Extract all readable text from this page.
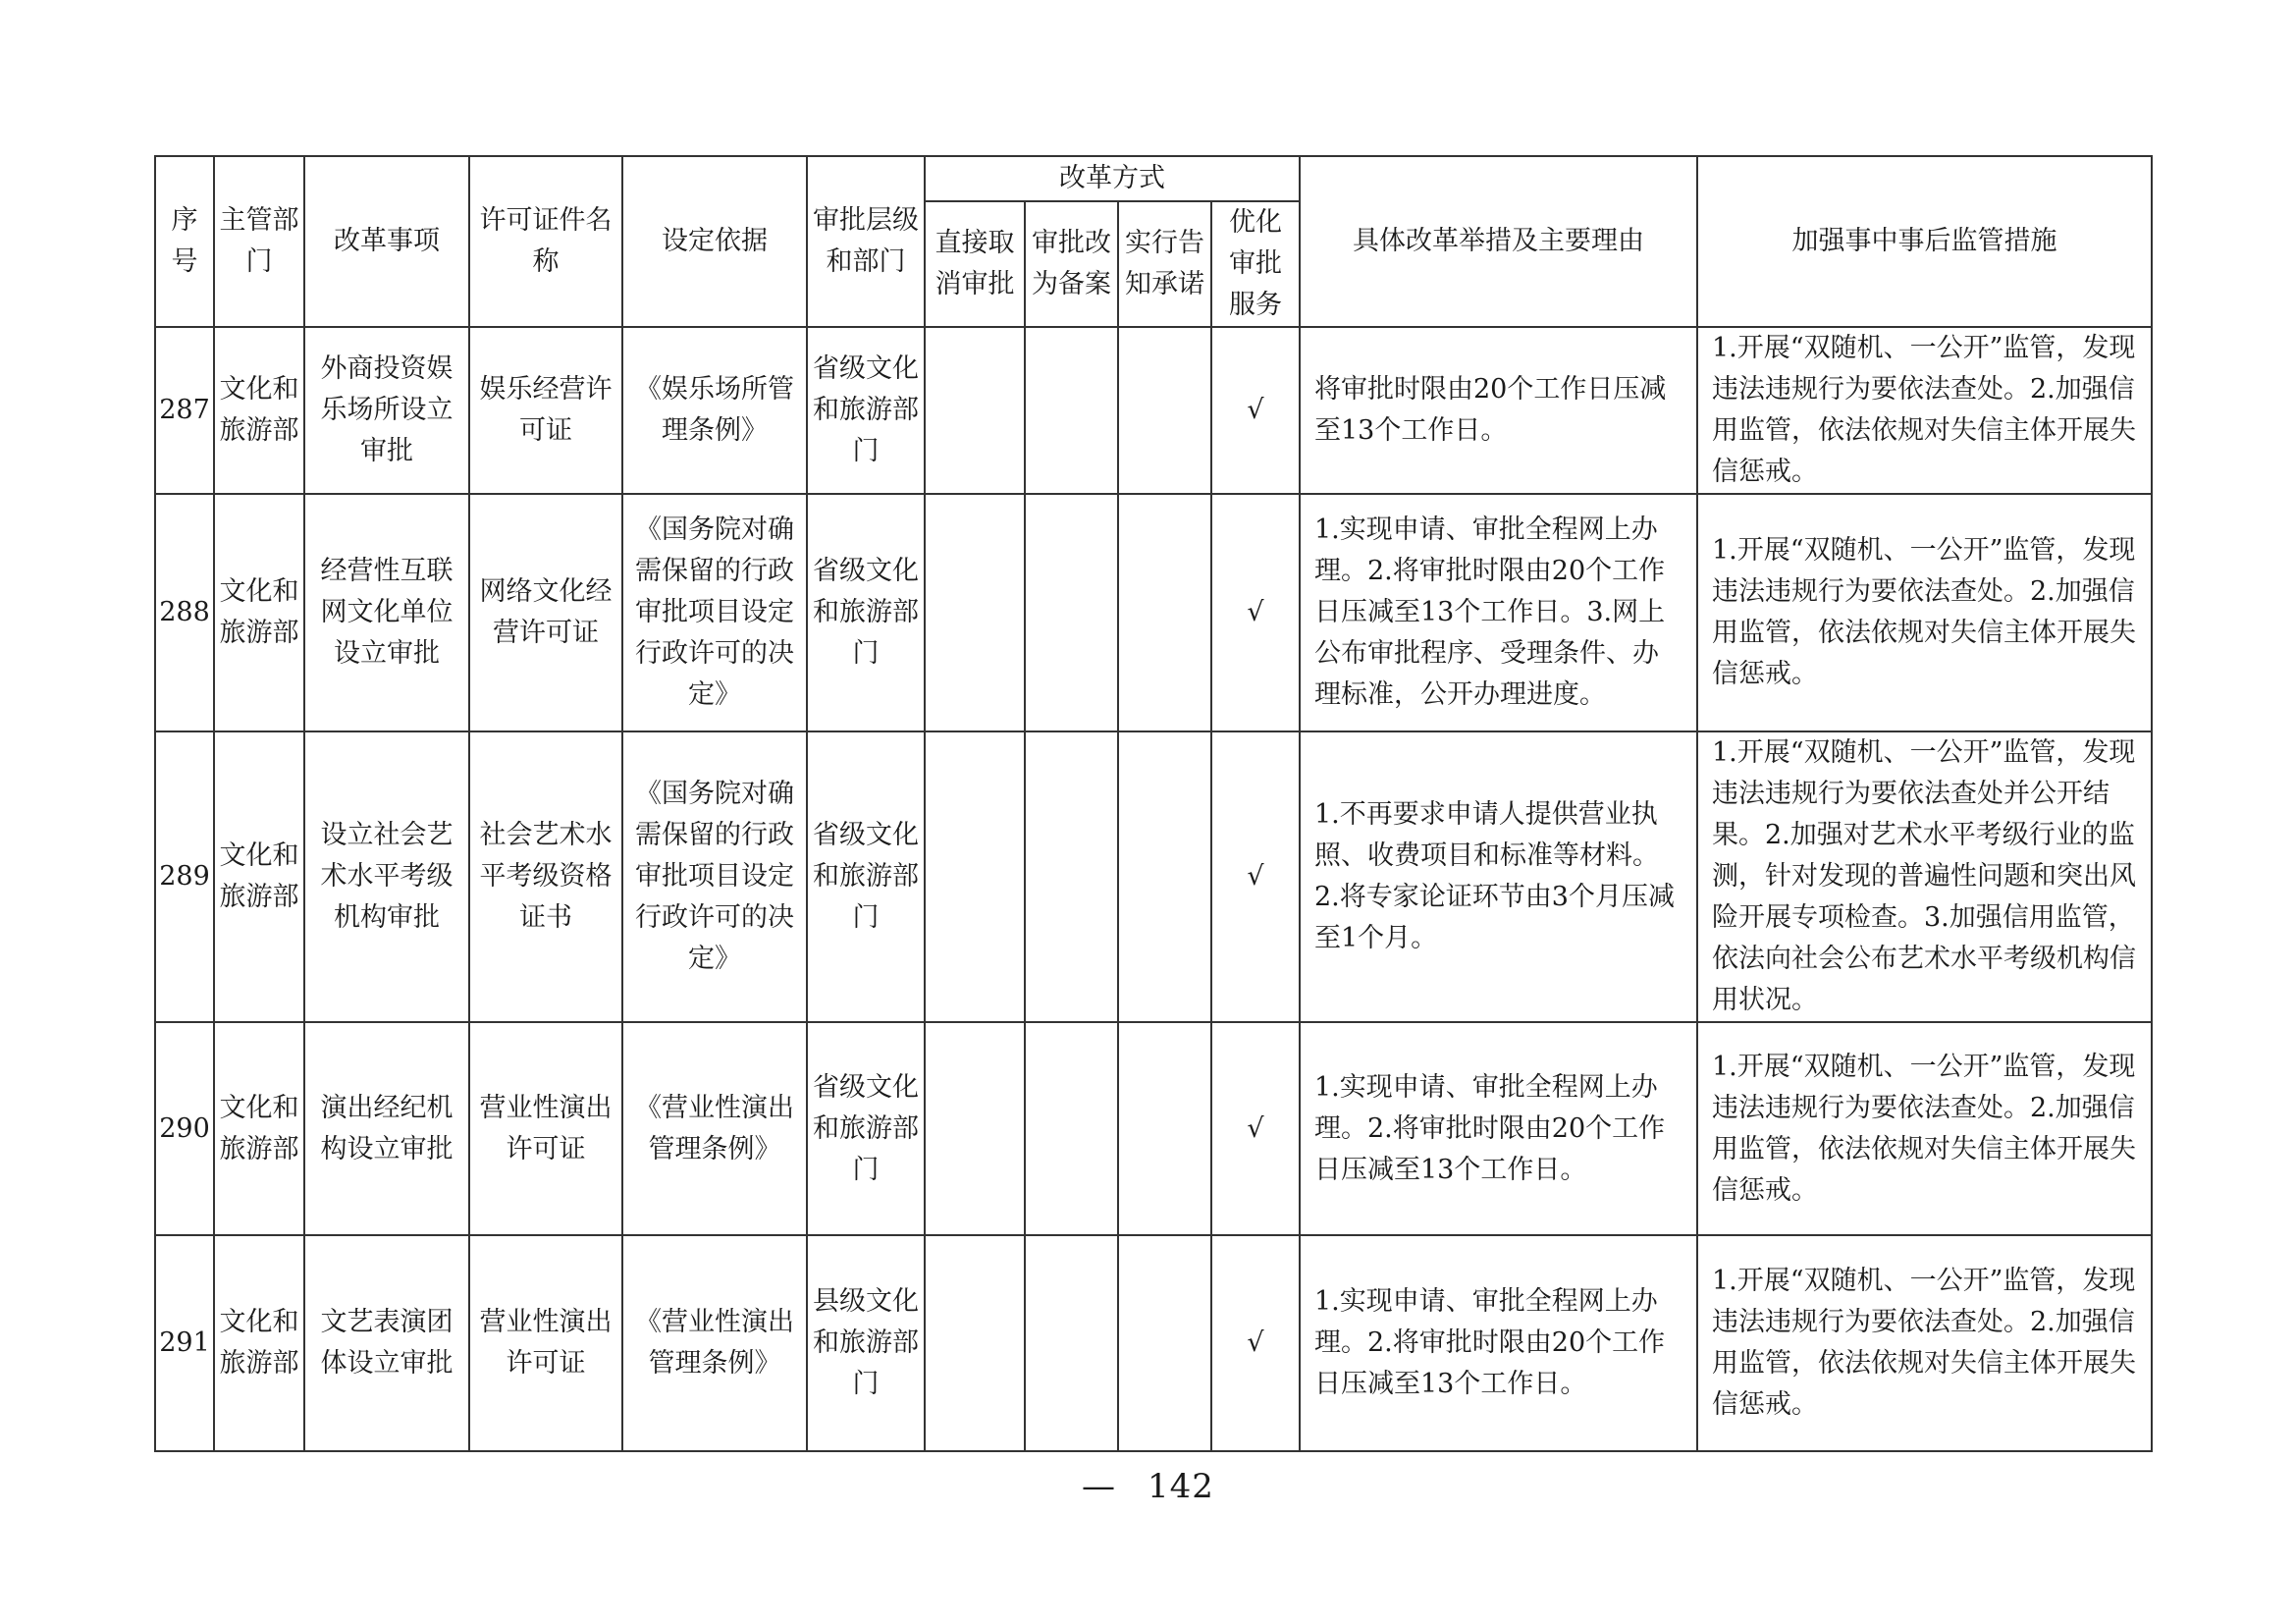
序号	主管部门	改革事项	许可证件名称	设定依据	审批层级和部门	改革方式				具体改革举措及主要理由	加强事中事后监管措施
						直接取消审批	审批改为备案	实行告知承诺	优化审批服务		
287	文化和旅游部	外商投资娱乐场所设立审批	娱乐经营许可证	《娱乐场所管理条例》	省级文化和旅游部门				√	将审批时限由20个工作日压减至13个工作日。	1.开展“双随机、一公开”监管，发现违法违规行为要依法查处。2.加强信用监管，依法依规对失信主体开展失信惩戒。
288	文化和旅游部	经营性互联网文化单位设立审批	网络文化经营许可证	《国务院对确需保留的行政审批项目设定行政许可的决定》	省级文化和旅游部门				√	1.实现申请、审批全程网上办理。2.将审批时限由20个工作日压减至13个工作日。3.网上公布审批程序、受理条件、办理标准，公开办理进度。	1.开展“双随机、一公开”监管，发现违法违规行为要依法查处。2.加强信用监管，依法依规对失信主体开展失信惩戒。
289	文化和旅游部	设立社会艺术水平考级机构审批	社会艺术水平考级资格证书	《国务院对确需保留的行政审批项目设定行政许可的决定》	省级文化和旅游部门				√	1.不再要求申请人提供营业执照、收费项目和标准等材料。2.将专家论证环节由3个月压减至1个月。	1.开展“双随机、一公开”监管，发现违法违规行为要依法查处并公开结果。2.加强对艺术水平考级行业的监测，针对发现的普遍性问题和突出风险开展专项检查。3.加强信用监管，依法向社会公布艺术水平考级机构信用状况。
290	文化和旅游部	演出经纪机构设立审批	营业性演出许可证	《营业性演出管理条例》	省级文化和旅游部门				√	1.实现申请、审批全程网上办理。2.将审批时限由20个工作日压减至13个工作日。	1.开展“双随机、一公开”监管，发现违法违规行为要依法查处。2.加强信用监管，依法依规对失信主体开展失信惩戒。
291	文化和旅游部	文艺表演团体设立审批	营业性演出许可证	《营业性演出管理条例》	县级文化和旅游部门				√	1.实现申请、审批全程网上办理。2.将审批时限由20个工作日压减至13个工作日。	1.开展“双随机、一公开”监管，发现违法违规行为要依法查处。2.加强信用监管，依法依规对失信主体开展失信惩戒。
— 142
